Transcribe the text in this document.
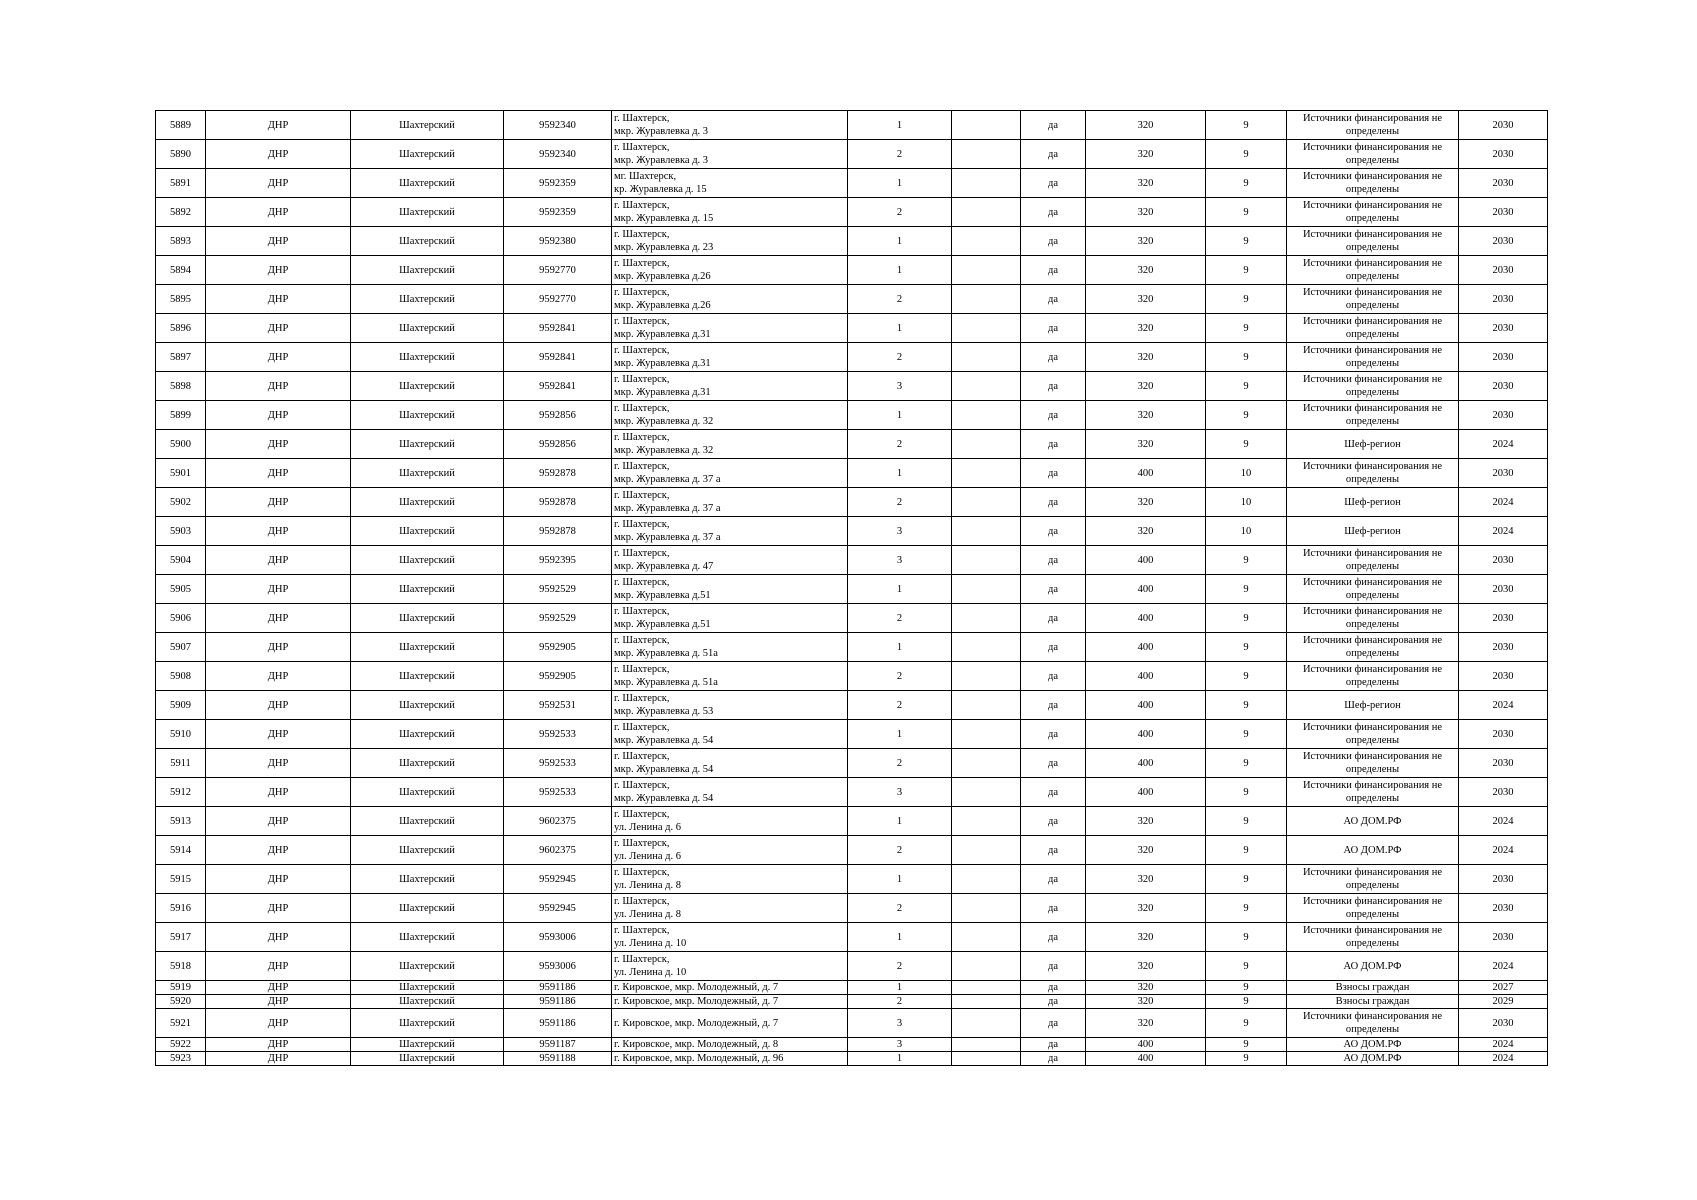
5889	ДНР	Шахтерский	9592340	г. Шахтерск,
мкр. Журавлевка д. 3	1		да	320	9	Источники финансирования не определены	2030
5890	ДНР	Шахтерский	9592340	г. Шахтерск,
мкр. Журавлевка д. 3	2		да	320	9	Источники финансирования не определены	2030
5891	ДНР	Шахтерский	9592359	мг. Шахтерск,
кр. Журавлевка д. 15	1		да	320	9	Источники финансирования не определены	2030
5892	ДНР	Шахтерский	9592359	г. Шахтерск,
мкр. Журавлевка д. 15	2		да	320	9	Источники финансирования не определены	2030
5893	ДНР	Шахтерский	9592380	г. Шахтерск,
мкр. Журавлевка д. 23	1		да	320	9	Источники финансирования не определены	2030
5894	ДНР	Шахтерский	9592770	г. Шахтерск,
мкр. Журавлевка д.26	1		да	320	9	Источники финансирования не определены	2030
5895	ДНР	Шахтерский	9592770	г. Шахтерск,
мкр. Журавлевка д.26	2		да	320	9	Источники финансирования не определены	2030
5896	ДНР	Шахтерский	9592841	г. Шахтерск,
мкр. Журавлевка д.31	1		да	320	9	Источники финансирования не определены	2030
5897	ДНР	Шахтерский	9592841	г. Шахтерск,
мкр. Журавлевка д.31	2		да	320	9	Источники финансирования не определены	2030
5898	ДНР	Шахтерский	9592841	г. Шахтерск,
мкр. Журавлевка д.31	3		да	320	9	Источники финансирования не определены	2030
5899	ДНР	Шахтерский	9592856	г. Шахтерск,
мкр. Журавлевка д. 32	1		да	320	9	Источники финансирования не определены	2030
5900	ДНР	Шахтерский	9592856	г. Шахтерск,
мкр. Журавлевка д. 32	2		да	320	9	Шеф-регион	2024
5901	ДНР	Шахтерский	9592878	г. Шахтерск,
мкр. Журавлевка д. 37 а	1		да	400	10	Источники финансирования не определены	2030
5902	ДНР	Шахтерский	9592878	г. Шахтерск,
мкр. Журавлевка д. 37 а	2		да	320	10	Шеф-регион	2024
5903	ДНР	Шахтерский	9592878	г. Шахтерск,
мкр. Журавлевка д. 37 а	3		да	320	10	Шеф-регион	2024
5904	ДНР	Шахтерский	9592395	г. Шахтерск,
мкр. Журавлевка д. 47	3		да	400	9	Источники финансирования не определены	2030
5905	ДНР	Шахтерский	9592529	г. Шахтерск,
мкр. Журавлевка д.51	1		да	400	9	Источники финансирования не определены	2030
5906	ДНР	Шахтерский	9592529	г. Шахтерск,
мкр. Журавлевка д.51	2		да	400	9	Источники финансирования не определены	2030
5907	ДНР	Шахтерский	9592905	г. Шахтерск,
мкр. Журавлевка д. 51а	1		да	400	9	Источники финансирования не определены	2030
5908	ДНР	Шахтерский	9592905	г. Шахтерск,
мкр. Журавлевка д. 51а	2		да	400	9	Источники финансирования не определены	2030
5909	ДНР	Шахтерский	9592531	г. Шахтерск,
мкр. Журавлевка д. 53	2		да	400	9	Шеф-регион	2024
5910	ДНР	Шахтерский	9592533	г. Шахтерск,
мкр. Журавлевка д. 54	1		да	400	9	Источники финансирования не определены	2030
5911	ДНР	Шахтерский	9592533	г. Шахтерск,
мкр. Журавлевка д. 54	2		да	400	9	Источники финансирования не определены	2030
5912	ДНР	Шахтерский	9592533	г. Шахтерск,
мкр. Журавлевка д. 54	3		да	400	9	Источники финансирования не определены	2030
5913	ДНР	Шахтерский	9602375	г. Шахтерск,
ул. Ленина д. 6	1		да	320	9	АО ДОМ.РФ	2024
5914	ДНР	Шахтерский	9602375	г. Шахтерск,
ул. Ленина д. 6	2		да	320	9	АО ДОМ.РФ	2024
5915	ДНР	Шахтерский	9592945	г. Шахтерск,
ул. Ленина д. 8	1		да	320	9	Источники финансирования не определены	2030
5916	ДНР	Шахтерский	9592945	г. Шахтерск,
ул. Ленина д. 8	2		да	320	9	Источники финансирования не определены	2030
5917	ДНР	Шахтерский	9593006	г. Шахтерск,
ул. Ленина д. 10	1		да	320	9	Источники финансирования не определены	2030
5918	ДНР	Шахтерский	9593006	г. Шахтерск,
ул. Ленина д. 10	2		да	320	9	АО ДОМ.РФ	2024
5919	ДНР	Шахтерский	9591186	г. Кировское, мкр. Молодежный, д. 7	1		да	320	9	Взносы граждан	2027
5920	ДНР	Шахтерский	9591186	г. Кировское, мкр. Молодежный, д. 7	2		да	320	9	Взносы граждан	2029
5921	ДНР	Шахтерский	9591186	г. Кировское, мкр. Молодежный, д. 7	3		да	320	9	Источники финансирования не определены	2030
5922	ДНР	Шахтерский	9591187	г. Кировское, мкр. Молодежный, д. 8	3		да	400	9	АО ДОМ.РФ	2024
5923	ДНР	Шахтерский	9591188	г. Кировское, мкр. Молодежный, д. 96	1		да	400	9	АО ДОМ.РФ	2024
